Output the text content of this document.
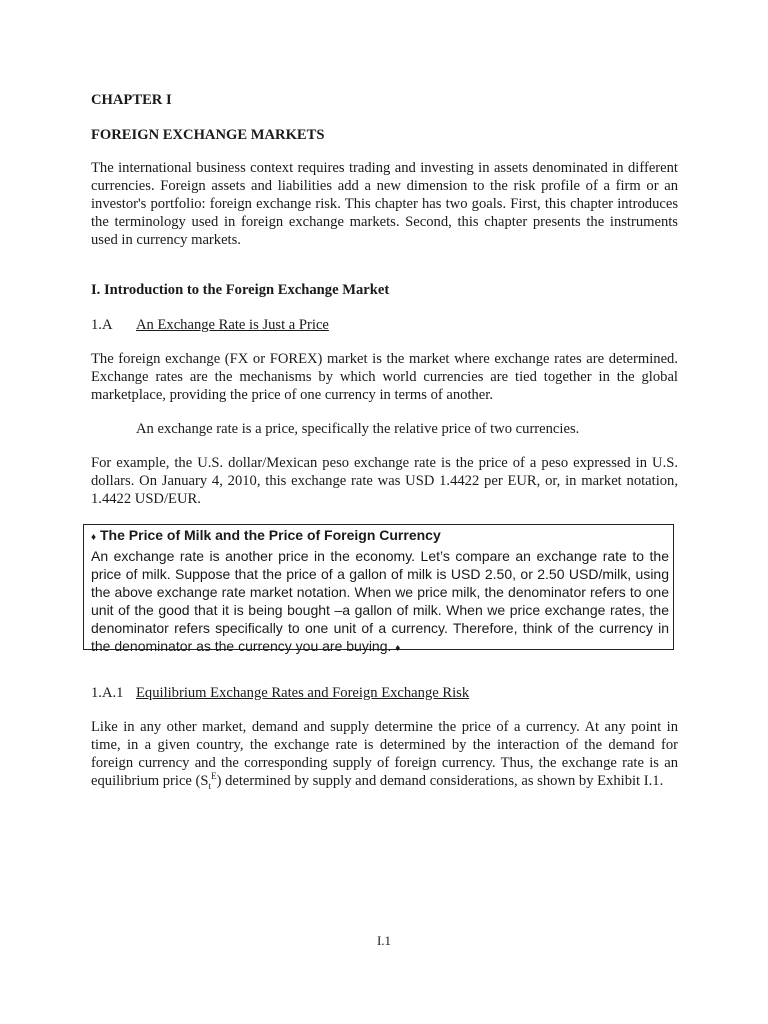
CHAPTER I
FOREIGN EXCHANGE MARKETS

The international business context requires trading and investing in assets denominated in different currencies. Foreign assets and liabilities add a new dimension to the risk profile of a firm or an investor's portfolio: foreign exchange risk. This chapter has two goals. First, this chapter introduces the terminology used in foreign exchange markets. Second, this chapter presents the instruments used in currency markets.

I. Introduction to the Foreign Exchange Market
1.A An Exchange Rate is Just a Price

The foreign exchange (FX or FOREX) market is the market where exchange rates are determined. Exchange rates are the mechanisms by which world currencies are tied together in the global marketplace, providing the price of one currency in terms of another.

An exchange rate is a price, specifically the relative price of two currencies.

For example, the U.S. dollar/Mexican peso exchange rate is the price of a peso expressed in U.S. dollars. On January 4, 2010, this exchange rate was USD 1.4422 per EUR, or, in market notation, 1.4422 USD/EUR.

♦ The Price of Milk and the Price of Foreign Currency
An exchange rate is another price in the economy. Let’s compare an exchange rate to the price of milk. Suppose that the price of a gallon of milk is USD 2.50, or 2.50 USD/milk, using the above exchange rate market notation. When we price milk, the denominator refers to one unit of the good that it is being bought –a gallon of milk. When we price exchange rates, the denominator refers specifically to one unit of a currency. Therefore, think of the currency in the denominator as the currency you are buying. ♦
1.A.1 Equilibrium Exchange Rates and Foreign Exchange Risk

Like in any other market, demand and supply determine the price of a currency. At any point in time, in a given country, the exchange rate is determined by the interaction of the demand for foreign currency and the corresponding supply of foreign currency. Thus, the exchange rate is an equilibrium price $(S_t^E)$ determined by supply and demand considerations, as shown by Exhibit I.1.

I.1
